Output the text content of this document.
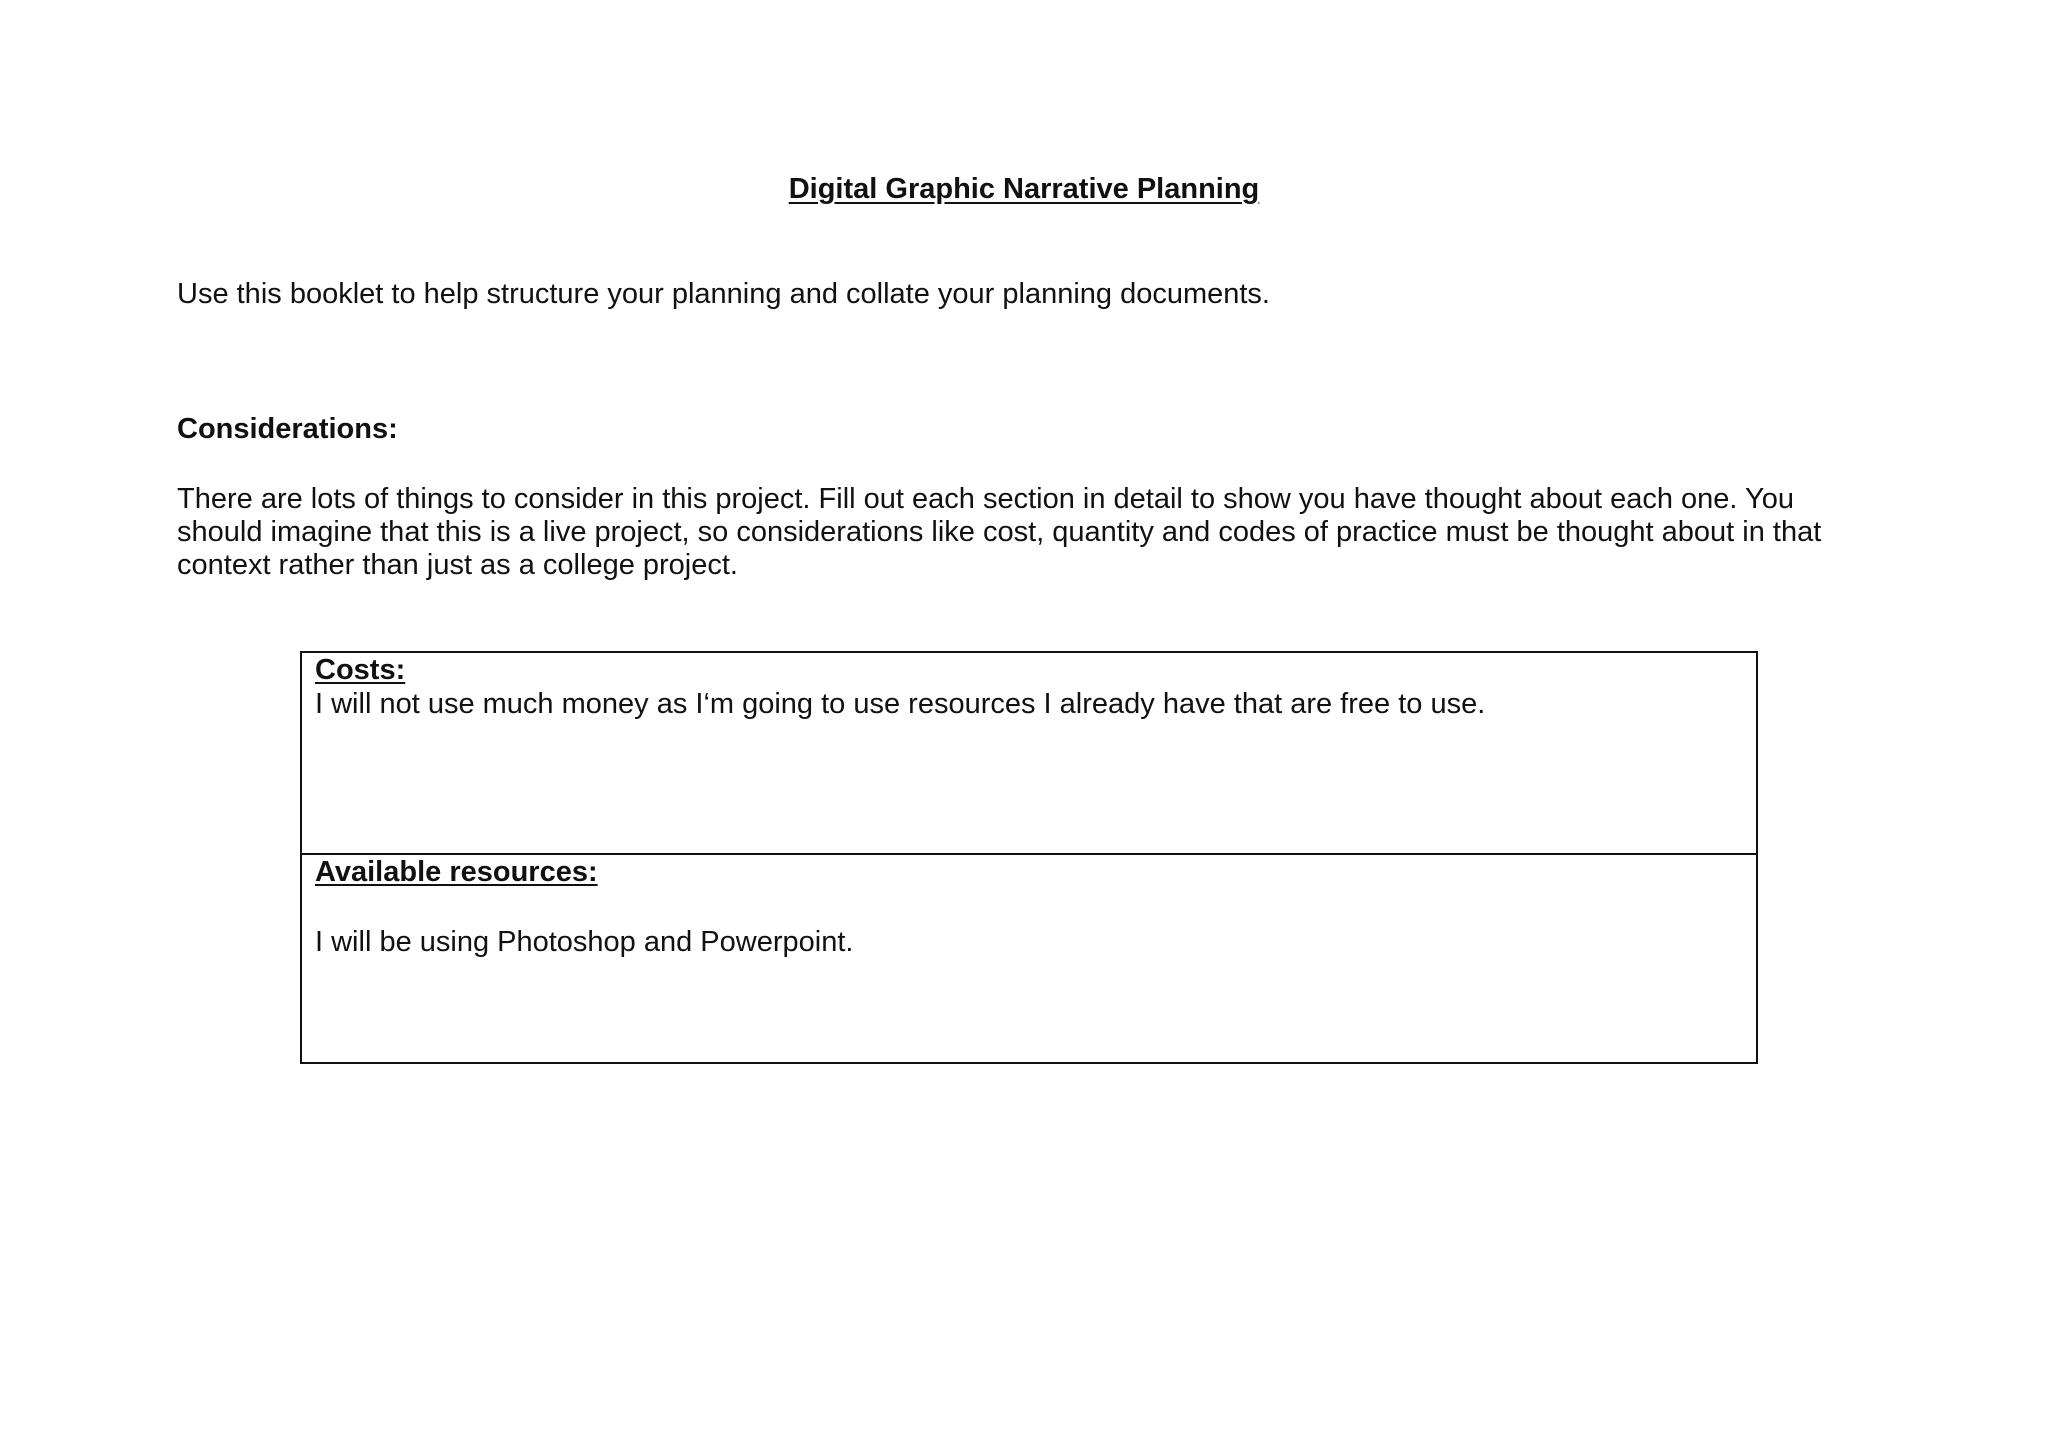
Digital Graphic Narrative Planning

Use this booklet to help structure your planning and collate your planning documents.

Considerations:

There are lots of things to consider in this project. Fill out each section in detail to show you have thought about each one. You
should imagine that this is a live project, so considerations like cost, quantity and codes of practice must be thought about in that
context rather than just as a college project.

Costs:
I will not use much money as I‘m going to use resources I already have that are free to use.
Available resources:
I will be using Photoshop and Powerpoint.
